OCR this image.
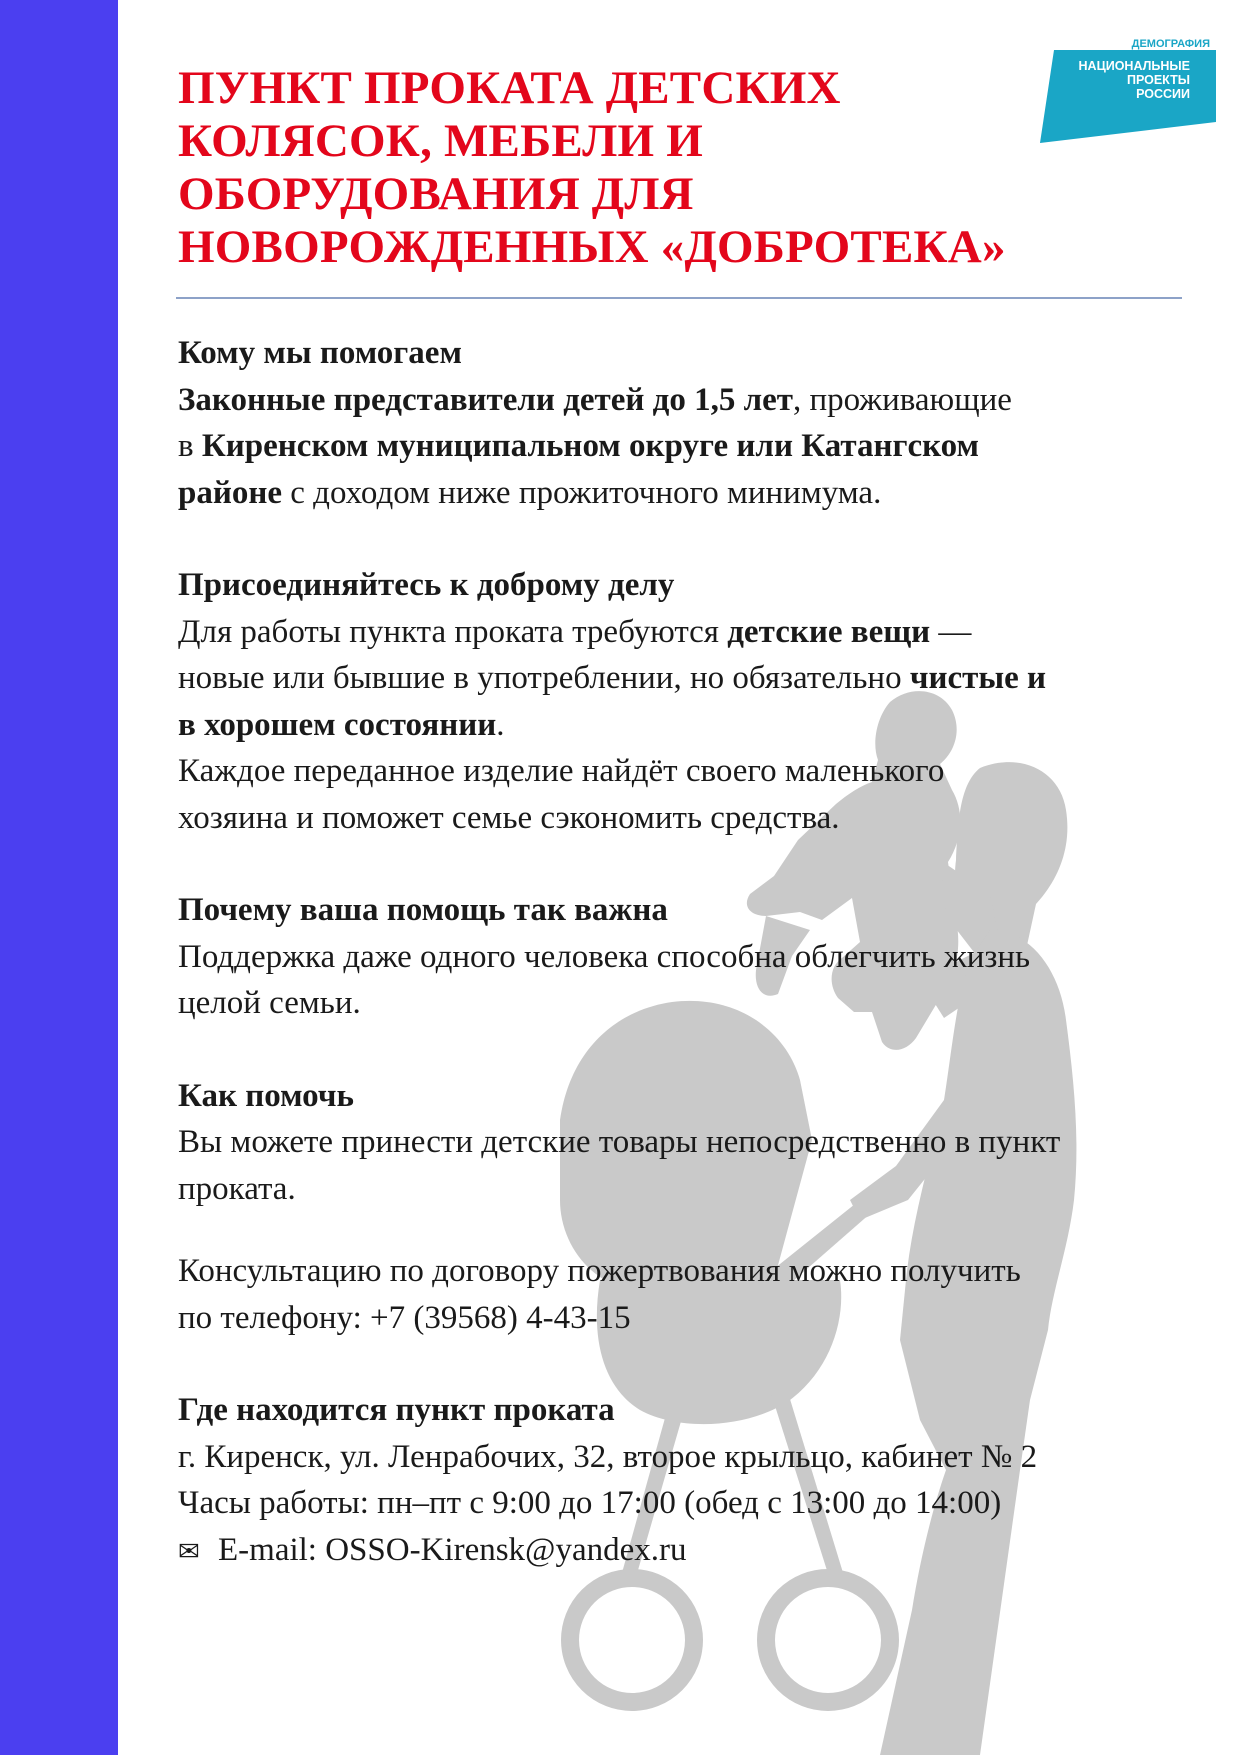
ДЕМОГРАФИЯ
НАЦИОНАЛЬНЫЕ
ПРОЕКТЫ
РОССИИ
ПУНКТ ПРОКАТА ДЕТСКИХ
КОЛЯСОК, МЕБЕЛИ И
ОБОРУДОВАНИЯ ДЛЯ
НОВОРОЖДЕННЫХ «ДОБРОТЕКА»
Кому мы помогаем
Законные представители детей до 1,5 лет, проживающие
в Киренском муниципальном округе или Катангском
районе с доходом ниже прожиточного минимума.
Присоединяйтесь к доброму делу
Для работы пункта проката требуются детские вещи —
новые или бывшие в употреблении, но обязательно чистые и
в хорошем состоянии.
Каждое переданное изделие найдёт своего маленького
хозяина и поможет семье сэкономить средства.
Почему ваша помощь так важна
Поддержка даже одного человека способна облегчить жизнь
целой семьи.
Как помочь
Вы можете принести детские товары непосредственно в пункт
проката.
Консультацию по договору пожертвования можно получить
по телефону: +7 (39568) 4-43-15
Где находится пункт проката
г. Киренск, ул. Ленрабочих, 32, второе крыльцо, кабинет № 2
Часы работы: пн–пт с 9:00 до 17:00 (обед с 13:00 до 14:00)
✉ E-mail: OSSO-Kirensk@yandex.ru
